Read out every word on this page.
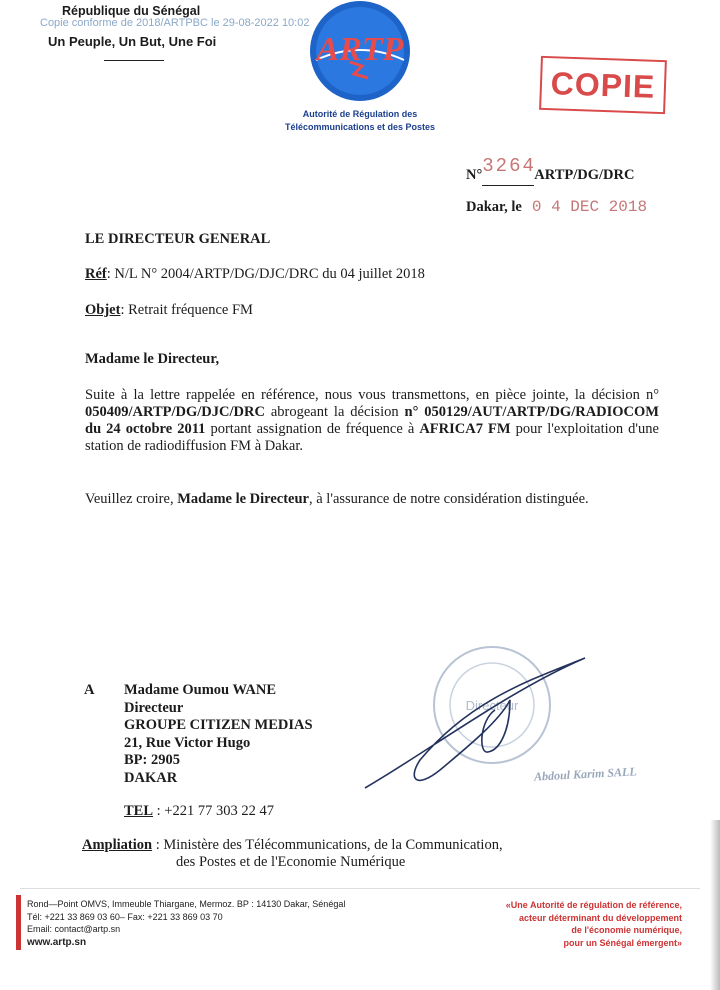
République du Sénégal
Copie conforme de 2018/ARTPBC le 29-08-2022 10:02
Un Peuple, Un But, Une Foi	ARTP
Autorité de Régulation des
Télécommunications et des Postes
COPIE
N°3264ARTP/DG/DRC
Dakar, le 0 4 DEC 2018
LE DIRECTEUR GENERAL
Réf: N/L N° 2004/ARTP/DG/DJC/DRC du 04 juillet 2018
Objet: Retrait fréquence FM
Madame le Directeur,
Suite à la lettre rappelée en référence, nous vous transmettons, en pièce jointe, la décision n° 050409/ARTP/DG/DJC/DRC abrogeant la décision n° 050129/AUT/ARTP/DG/RADIOCOM du 24 octobre 2011 portant assignation de fréquence à AFRICA7 FM pour l'exploitation d'une station de radiodiffusion FM à Dakar.
Veuillez croire, Madame le Directeur, à l'assurance de notre considération distinguée.
Directeur
Abdoul Karim SALL
A Madame Oumou WANE
Directeur
GROUPE CITIZEN MEDIAS
21, Rue Victor Hugo
BP: 2905
DAKAR
TEL : +221 77 303 22 47
Ampliation : Ministère des Télécommunications, de la Communication,
des Postes et de l'Economie Numérique
Rond—Point OMVS, Immeuble Thiargane, Mermoz. BP : 14130 Dakar, Sénégal
Tél: +221 33 869 03 60– Fax: +221 33 869 03 70
Email: contact@artp.sn
www.artp.sn
«Une Autorité de régulation de référence,
acteur déterminant du développement
de l'économie numérique,
pour un Sénégal émergent»
